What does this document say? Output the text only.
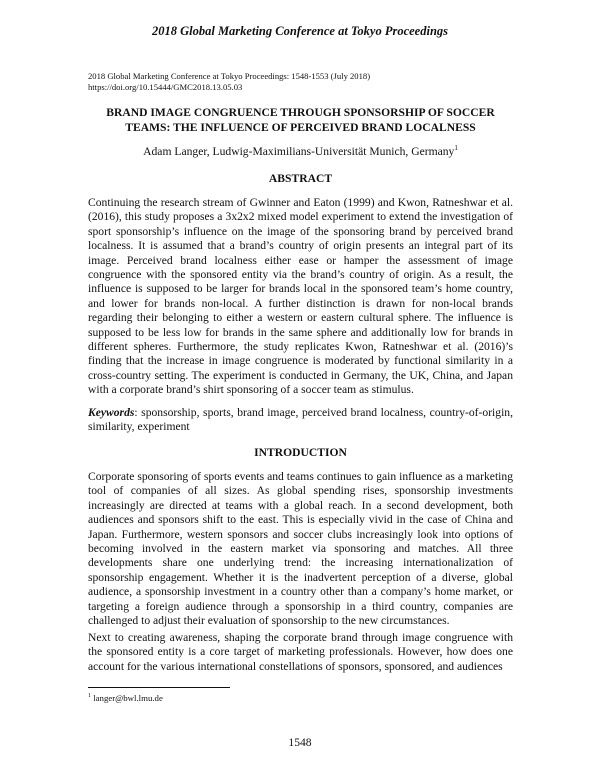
2018 Global Marketing Conference at Tokyo Proceedings
2018 Global Marketing Conference at Tokyo Proceedings: 1548-1553 (July 2018)
https://doi.org/10.15444/GMC2018.13.05.03
BRAND IMAGE CONGRUENCE THROUGH SPONSORSHIP OF SOCCER
TEAMS: THE INFLUENCE OF PERCEIVED BRAND LOCALNESS
Adam Langer, Ludwig-Maximilians-Universität Munich, Germany$^1$
ABSTRACT
Continuing the research stream of Gwinner and Eaton (1999) and Kwon, Ratneshwar et al. (2016), this study proposes a 3x2x2 mixed model experiment to extend the investigation of sport sponsorship’s influence on the image of the sponsoring brand by perceived brand localness. It is assumed that a brand’s country of origin presents an integral part of its image. Perceived brand localness either ease or hamper the assessment of image congruence with the sponsored entity via the brand’s country of origin. As a result, the influence is supposed to be larger for brands local in the sponsored team’s home country, and lower for brands non-local. A further distinction is drawn for non-local brands regarding their belonging to either a western or eastern cultural sphere. The influence is supposed to be less low for brands in the same sphere and additionally low for brands in different spheres. Furthermore, the study replicates Kwon, Ratneshwar et al. (2016)’s finding that the increase in image congruence is moderated by functional similarity in a cross-country setting. The experiment is conducted in Germany, the UK, China, and Japan with a corporate brand’s shirt sponsoring of a soccer team as stimulus.
Keywords: sponsorship, sports, brand image, perceived brand localness, country-of-origin, similarity, experiment
INTRODUCTION
Corporate sponsoring of sports events and teams continues to gain influence as a marketing tool of companies of all sizes. As global spending rises, sponsorship investments increasingly are directed at teams with a global reach. In a second development, both audiences and sponsors shift to the east. This is especially vivid in the case of China and Japan. Furthermore, western sponsors and soccer clubs increasingly look into options of becoming involved in the eastern market via sponsoring and matches. All three developments share one underlying trend: the increasing internationalization of sponsorship engagement. Whether it is the inadvertent perception of a diverse, global audience, a sponsorship investment in a country other than a company’s home market, or targeting a foreign audience through a sponsorship in a third country, companies are challenged to adjust their evaluation of sponsorship to the new circumstances.
Next to creating awareness, shaping the corporate brand through image congruence with the sponsored entity is a core target of marketing professionals. However, how does one account for the various international constellations of sponsors, sponsored, and audiences
$^1$ langer@bwl.lmu.de
1548
